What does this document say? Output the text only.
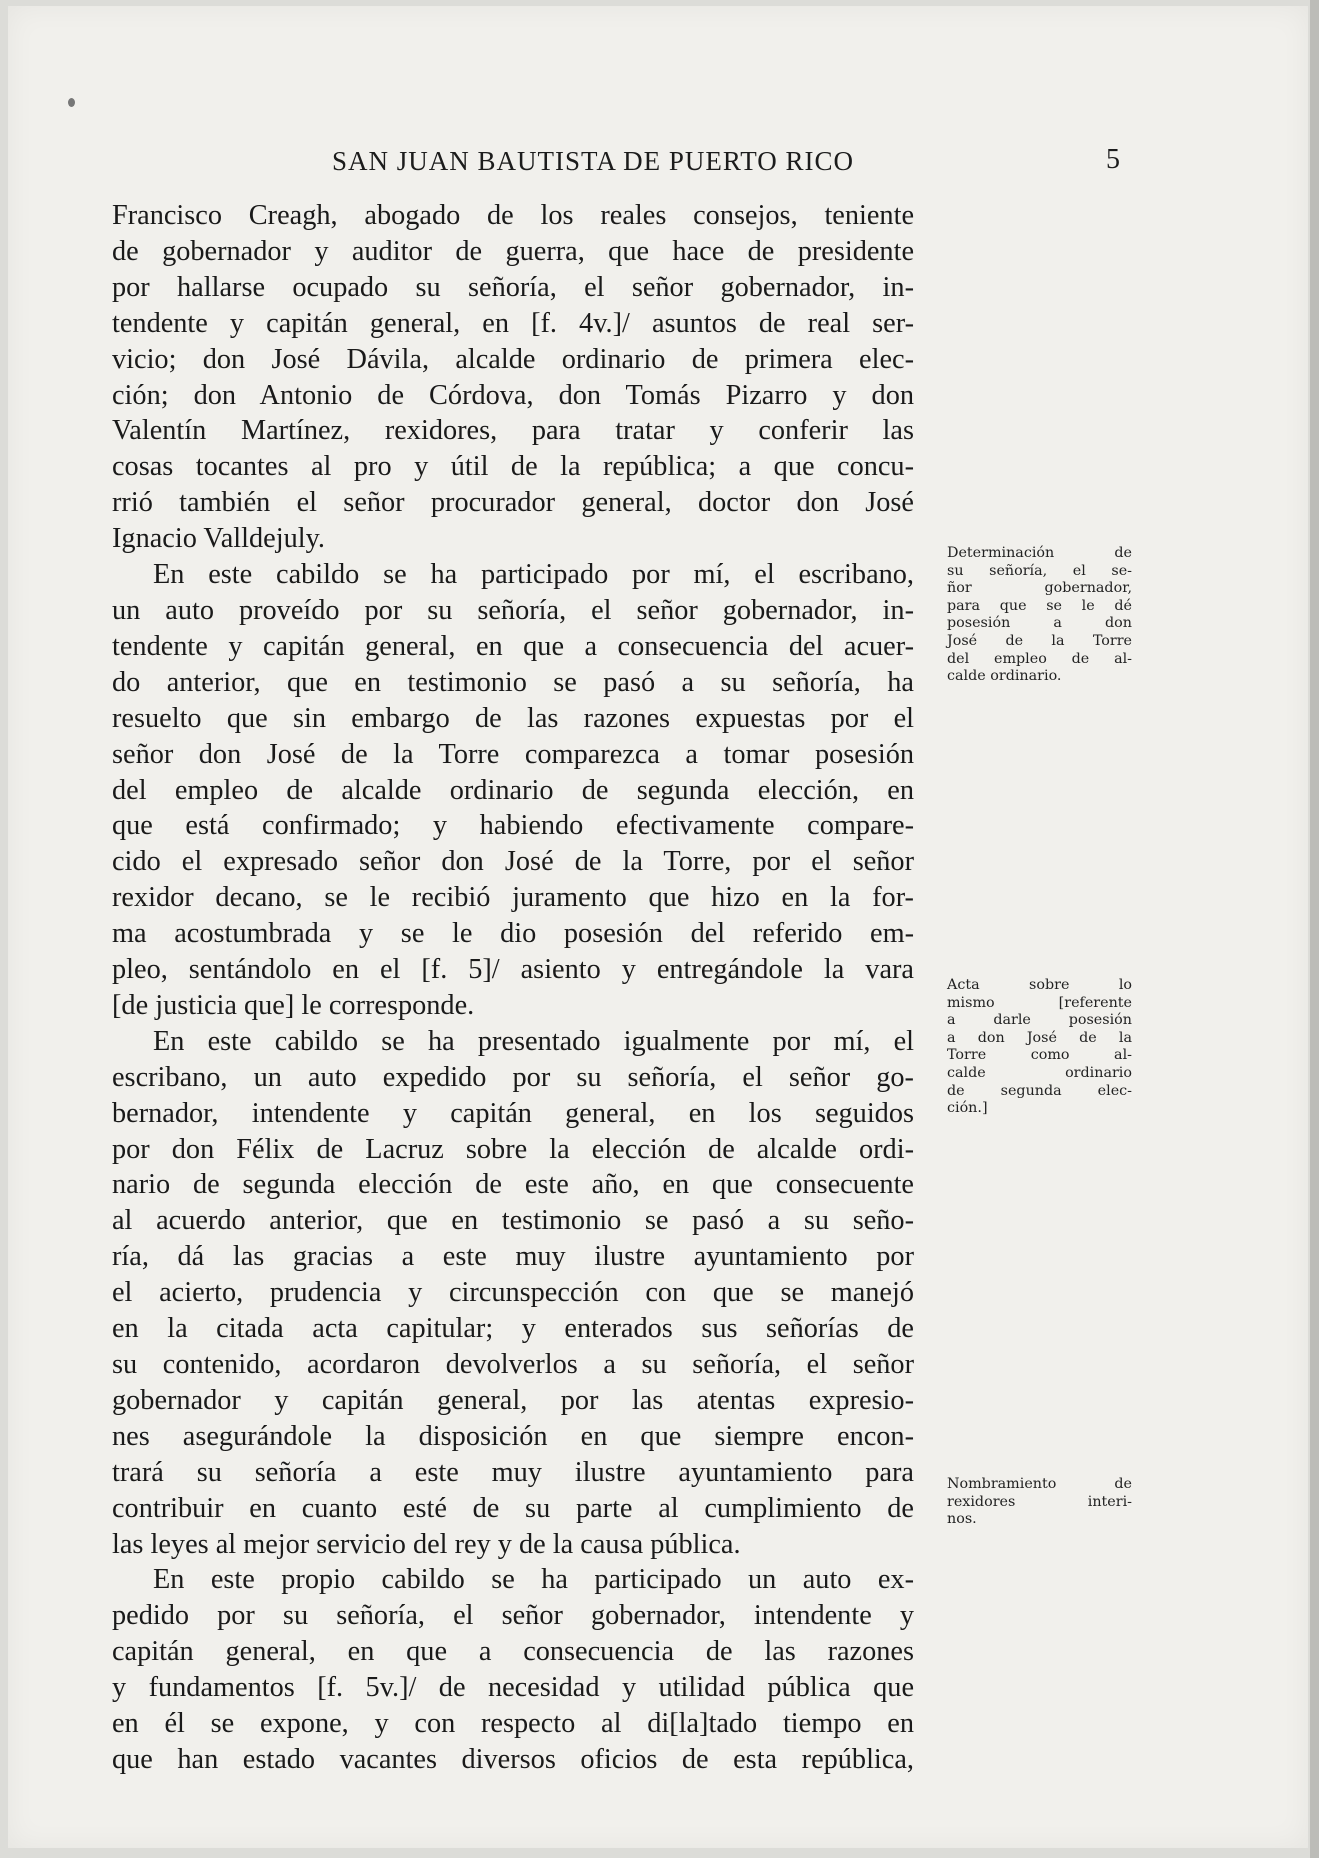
SAN JUAN BAUTISTA DE PUERTO RICO	5

Francisco Creagh, abogado de los reales consejos, teniente
de gobernador y auditor de guerra, que hace de presidente
por hallarse ocupado su señoría, el señor gobernador, in-
tendente y capitán general, en [f. 4v.]/ asuntos de real ser-
vicio; don José Dávila, alcalde ordinario de primera elec-
ción; don Antonio de Córdova, don Tomás Pizarro y don
Valentín Martínez, rexidores, para tratar y conferir las
cosas tocantes al pro y útil de la república; a que concu-
rrió también el señor procurador general, doctor don José
Ignacio Valldejuly.

En este cabildo se ha participado por mí, el escribano,
un auto proveído por su señoría, el señor gobernador, in-
tendente y capitán general, en que a consecuencia del acuer-
do anterior, que en testimonio se pasó a su señoría, ha
resuelto que sin embargo de las razones expuestas por el
señor don José de la Torre comparezca a tomar posesión
del empleo de alcalde ordinario de segunda elección, en
que está confirmado; y habiendo efectivamente compare-
cido el expresado señor don José de la Torre, por el señor
rexidor decano, se le recibió juramento que hizo en la for-
ma acostumbrada y se le dio posesión del referido em-
pleo, sentándolo en el [f. 5]/ asiento y entregándole la vara
[de justicia que] le corresponde.

En este cabildo se ha presentado igualmente por mí, el
escribano, un auto expedido por su señoría, el señor go-
bernador, intendente y capitán general, en los seguidos
por don Félix de Lacruz sobre la elección de alcalde ordi-
nario de segunda elección de este año, en que consecuente
al acuerdo anterior, que en testimonio se pasó a su seño-
ría, dá las gracias a este muy ilustre ayuntamiento por
el acierto, prudencia y circunspección con que se manejó
en la citada acta capitular; y enterados sus señorías de
su contenido, acordaron devolverlos a su señoría, el señor
gobernador y capitán general, por las atentas expresio-
nes asegurándole la disposición en que siempre encon-
trará su señoría a este muy ilustre ayuntamiento para
contribuir en cuanto esté de su parte al cumplimiento de
las leyes al mejor servicio del rey y de la causa pública.

En este propio cabildo se ha participado un auto ex-
pedido por su señoría, el señor gobernador, intendente y
capitán general, en que a consecuencia de las razones
y fundamentos [f. 5v.]/ de necesidad y utilidad pública que
en él se expone, y con respecto al di[la]tado tiempo en
que han estado vacantes diversos oficios de esta república,

Determinación de
su señoría, el se-
ñor gobernador,
para que se le dé
posesión a don
José de la Torre
del empleo de al-
calde ordinario.
Acta sobre lo
mismo [referente
a darle posesión
a don José de la
Torre como al-
calde ordinario
de segunda elec-
ción.]
Nombramiento de
rexidores interi-
nos.
